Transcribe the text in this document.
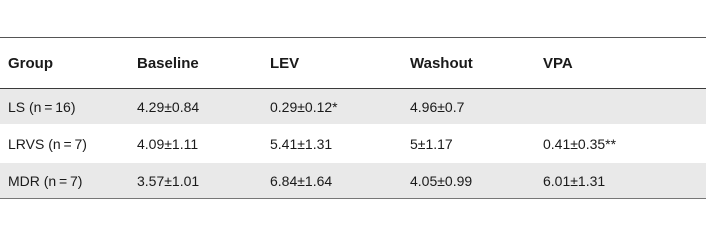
Group	Baseline	LEV	Washout	VPA
LS (n = 16)	4.29±0.84	0.29±0.12*	4.96±0.7
LRVS (n = 7)	4.09±1.11	5.41±1.31	5±1.17	0.41±0.35**
MDR (n = 7)	3.57±1.01	6.84±1.64	4.05±0.99	6.01±1.31
